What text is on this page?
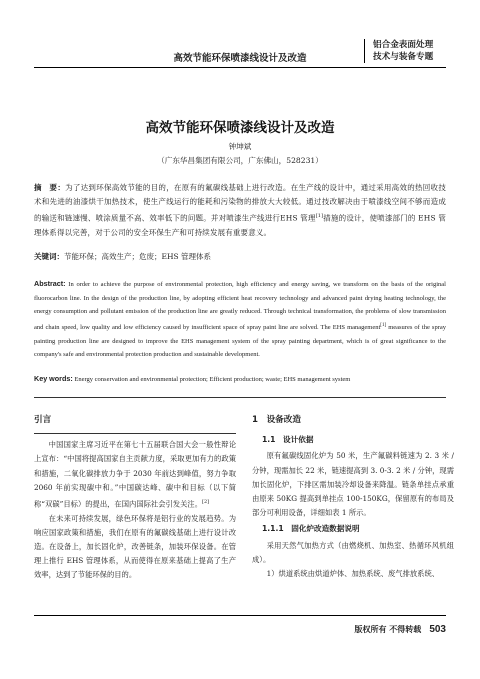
高效节能环保喷漆线设计及改造
铝合金表面处理
技术与装备专题
高效节能环保喷漆线设计及改造
钟坤斌
（广东华昌集团有限公司，广东佛山，528231）
摘　要：为了达到环保高效节能的目的，在原有的氟碳线基础上进行改造。在生产线的设计中，通过采用高效的热回收技术和先进的油漆烘干加热技术，使生产线运行的能耗和污染物的排放大大较低。通过技改解决由于喷漆线空间不够而造成的输送和链速慢、喷涂质量不高、效率低下的问题。并对喷漆生产线进行EHS 管理[1]措施的设计，使喷漆部门的 EHS 管理体系得以完善，对于公司的安全环保生产和可持续发展有重要意义。
关键词：节能环保；高效生产；危废；EHS 管理体系
Abstract: In order to achieve the purpose of environmental protection, high efficiency and energy saving, we transform on the basis of the original fluorocarbon line. In the design of the production line, by adopting efficient heat recovery technology and advanced paint drying heating technology, the energy consumption and pollutant emission of the production line are greatly reduced. Through technical transformation, the problems of slow transmission and chain speed, low quality and low efficiency caused by insufficient space of spray paint line are solved. The EHS management[1] measures of the spray painting production line are designed to improve the EHS management system of the spray painting department, which is of great significance to the company's safe and environmental protection production and sustainable development.
Key words: Energy conservation and environmental protection; Efficient production; waste; EHS management system
引言

中国国家主席习近平在第七十五届联合国大会一般性辩论上宣布：“中国将提高国家自主贡献力度，采取更加有力的政策和措施，二氧化碳排放力争于 2030 年前达到峰值，努力争取 2060 年前实现碳中和。”中国碳达峰、碳中和目标（以下简称“双碳”目标）的提出，在国内国际社会引发关注。[2]

在未来可持续发展，绿色环保将是铝行业的发展趋势。为响应国家政策和措施，我们在原有的氟碳线基础上进行设计改造。在设备上，加长固化炉，改善链条，加装环保设备。在管理上推行 EHS 管理体系，从而使得在原来基础上提高了生产效率，达到了节能环保的目的。

1　设备改造
1.1　设计依据

原有氟碳线固化炉为 50 米，生产氟碳料链速为 2. 3 米 / 分钟，现需加长 22 米，链速提高到 3. 0-3. 2 米 / 分钟，现需加长固化炉，下排区需加装冷却设备来降温。链条单挂点承重 由原来 50KG 提高到单挂点 100-150KG，保留原有的布局及部分可利用设备，详细如表 1 所示。

1.1.1　固化炉改造数据说明

采用天然气加热方式（由燃烧机、加热室、热循环风机组成）。

1）烘道系统由烘道炉体、加热系统、废气排放系统、

版权所有 不得转载 503
